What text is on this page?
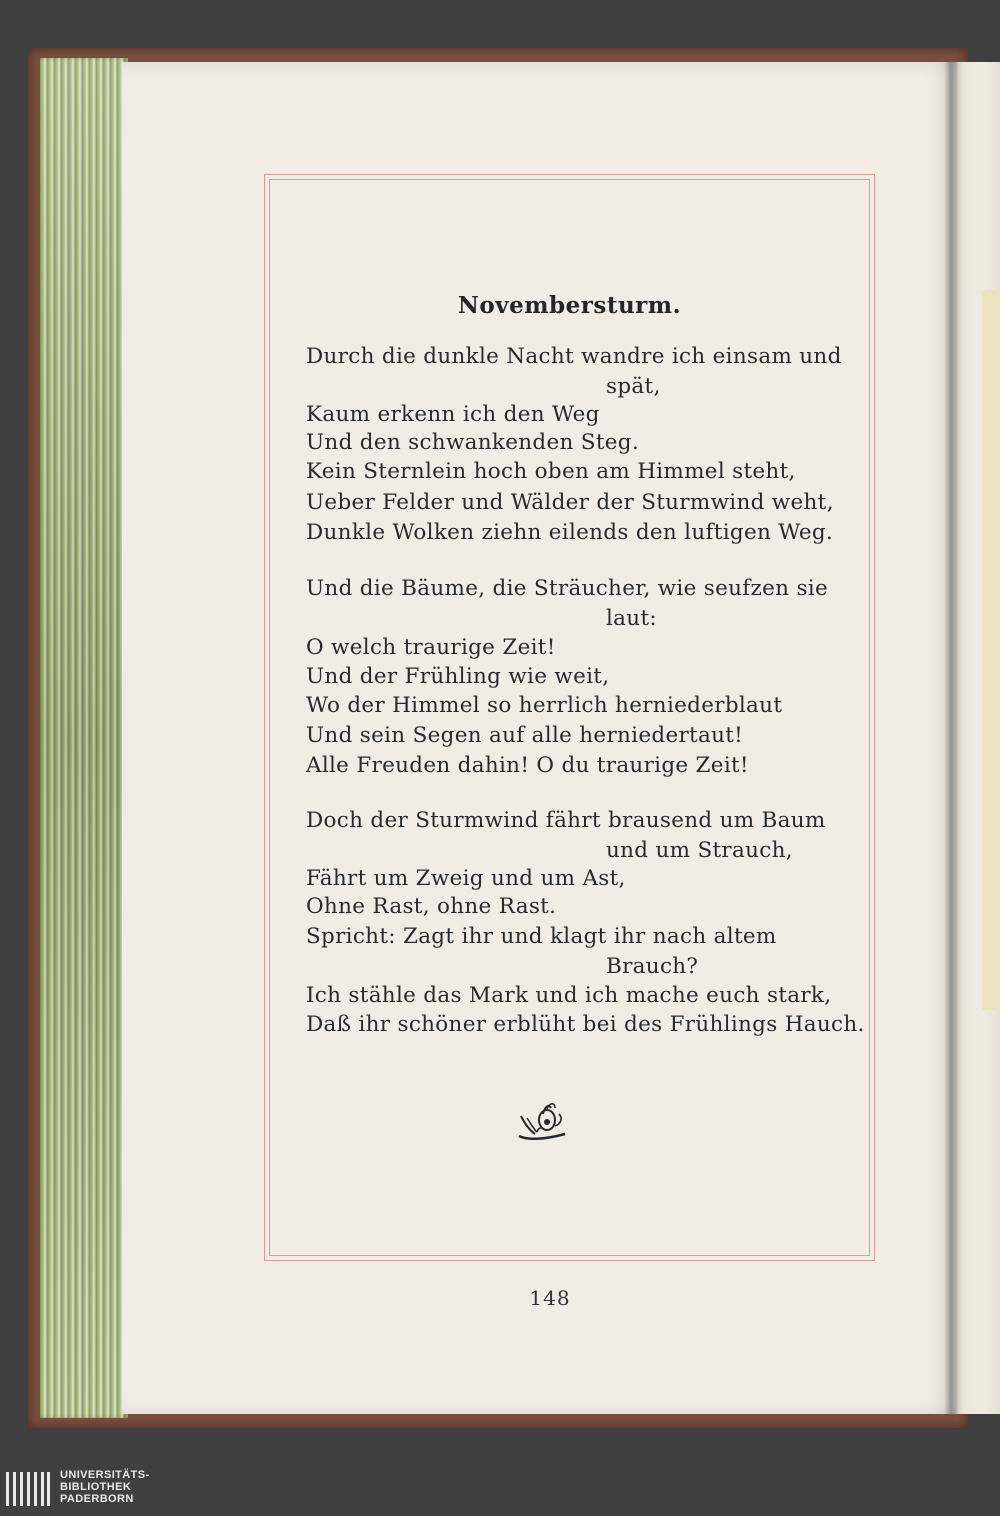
Novembersturm.
Durch die dunkle Nacht wandre ich einsam und
spät,
Kaum erkenn ich den Weg
Und den schwankenden Steg.
Kein Sternlein hoch oben am Himmel steht,
Ueber Felder und Wälder der Sturmwind weht,
Dunkle Wolken ziehn eilends den luftigen Weg.
Und die Bäume, die Sträucher, wie seufzen sie
laut:
O welch traurige Zeit!
Und der Frühling wie weit,
Wo der Himmel so herrlich herniederblaut
Und sein Segen auf alle herniedertaut!
Alle Freuden dahin! O du traurige Zeit!
Doch der Sturmwind fährt brausend um Baum
und um Strauch,
Fährt um Zweig und um Ast,
Ohne Rast, ohne Rast.
Spricht: Zagt ihr und klagt ihr nach altem
Brauch?
Ich stähle das Mark und ich mache euch stark,
Daß ihr schöner erblüht bei des Frühlings Hauch.
148
UNIVERSITÄTS-
BIBLIOTHEK
PADERBORN
